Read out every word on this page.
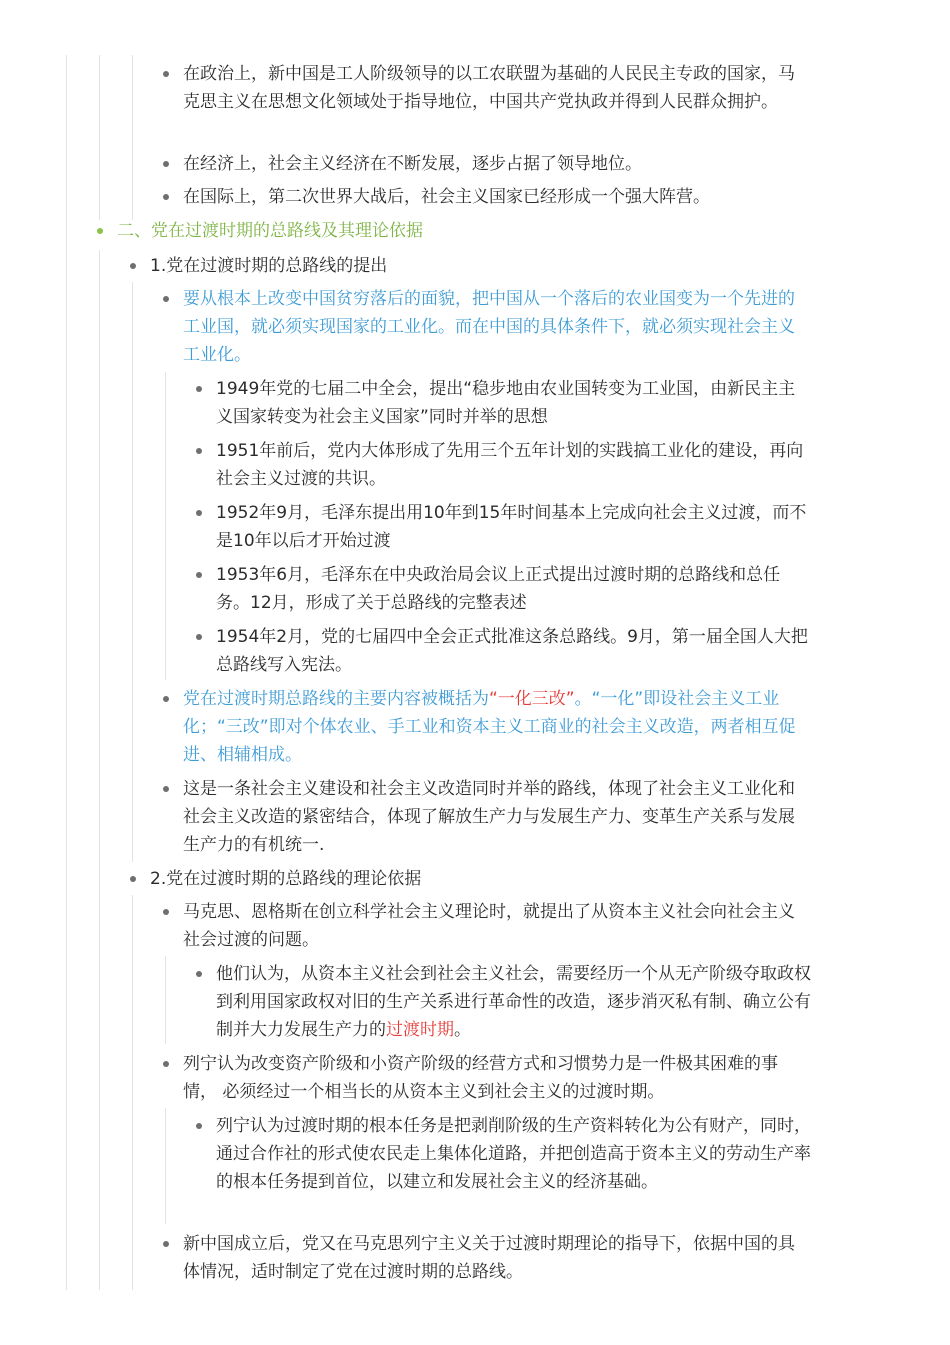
在政治上，新中国是工人阶级领导的以工农联盟为基础的人民民主专政的国家，马克思主义在思想文化领域处于指导地位，中国共产党执政并得到人民群众拥护。
在经济上，社会主义经济在不断发展，逐步占据了领导地位。
在国际上，第二次世界大战后，社会主义国家已经形成一个强大阵营。
二、党在过渡时期的总路线及其理论依据
1.党在过渡时期的总路线的提出
要从根本上改变中国贫穷落后的面貌，把中国从一个落后的农业国变为一个先进的工业国，就必须实现国家的工业化。而在中国的具体条件下，就必须实现社会主义工业化。
1949年党的七届二中全会，提出“稳步地由农业国转变为工业国，由新民主主义国家转变为社会主义国家”同时并举的思想
1951年前后，党内大体形成了先用三个五年计划的实践搞工业化的建设，再向社会主义过渡的共识。
1952年9月，毛泽东提出用10年到15年时间基本上完成向社会主义过渡，而不是10年以后才开始过渡
1953年6月，毛泽东在中央政治局会议上正式提出过渡时期的总路线和总任务。12月，形成了关于总路线的完整表述
1954年2月，党的七届四中全会正式批准这条总路线。9月，第一届全国人大把总路线写入宪法。
党在过渡时期总路线的主要内容被概括为“一化三改”。“一化”即设社会主义工业化；“三改”即对个体农业、手工业和资本主义工商业的社会主义改造，两者相互促进、相辅相成。
这是一条社会主义建设和社会主义改造同时并举的路线，体现了社会主义工业化和社会主义改造的紧密结合，体现了解放生产力与发展生产力、变革生产关系与发展生产力的有机统一.
2.党在过渡时期的总路线的理论依据
马克思、恩格斯在创立科学社会主义理论时，就提出了从资本主义社会向社会主义社会过渡的问题。
他们认为，从资本主义社会到社会主义社会，需要经历一个从无产阶级夺取政权到利用国家政权对旧的生产关系进行革命性的改造，逐步消灭私有制、确立公有制并大力发展生产力的过渡时期。
列宁认为改变资产阶级和小资产阶级的经营方式和习惯势力是一件极其困难的事情， 必须经过一个相当长的从资本主义到社会主义的过渡时期。
列宁认为过渡时期的根本任务是把剥削阶级的生产资料转化为公有财产，同时，通过合作社的形式使农民走上集体化道路，并把创造高于资本主义的劳动生产率的根本任务提到首位，以建立和发展社会主义的经济基础。
新中国成立后，党又在马克思列宁主义关于过渡时期理论的指导下，依据中国的具体情况，适时制定了党在过渡时期的总路线。
